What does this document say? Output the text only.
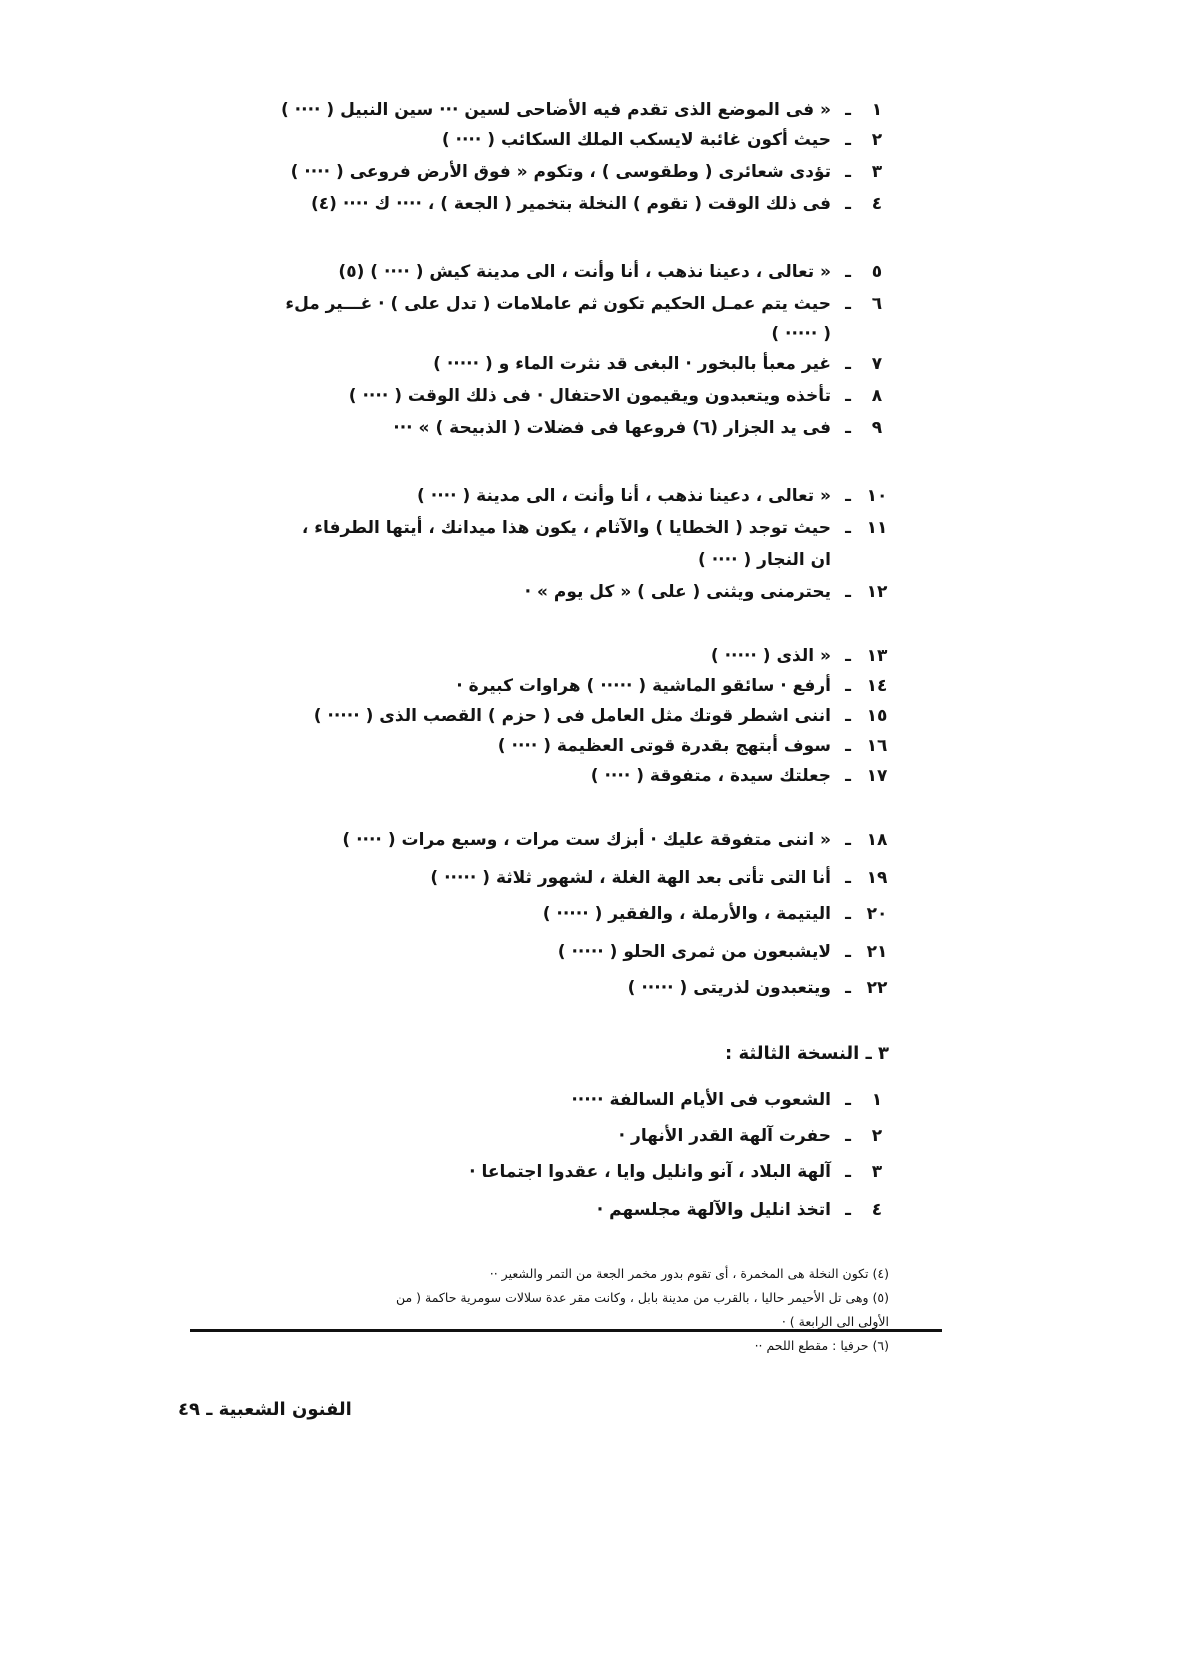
١ـ« فى الموضع الذى تقدم فيه الأضاحى لسين ··· سين النبيل ( ···· )
٢ـحيث أكون غائبة لايسكب الملك السكائب ( ···· )
٣ـتؤدى شعائرى ( وطقوسى ) ، وتكوم « فوق الأرض فروعى ( ···· )
٤ـفى ذلك الوقت ( تقوم ) النخلة بتخمير ( الجعة ) ، ···· ك ···· (٤)
٥ـ« تعالى ، دعينا نذهب ، أنا وأنت ، الى مدينة كيش ( ···· ) (٥)
٦ـحيث يتم عمـل الحكيم تكون ثم عاملامات ( تدل على ) · غـــير ملء
( ····· )
٧ـغير معبأ بالبخور · البغى قد نثرت الماء و ( ····· )
٨ـتأخذه ويتعبدون ويقيمون الاحتفال · فى ذلك الوقت ( ···· )
٩ـفى يد الجزار (٦) فروعها فى فضلات ( الذبيحة ) » ···
١٠ـ« تعالى ، دعينا نذهب ، أنا وأنت ، الى مدينة ( ···· )
١١ـحيث توجد ( الخطايا ) والآثام ، يكون هذا ميدانك ، أيتها الطرفاء ،
ان النجار ( ···· )
١٢ـيحترمنى ويثنى ( على ) « كل يوم » ·
١٣ـ« الذى ( ····· )
١٤ـأرفع · سائقو الماشية ( ····· ) هراوات كبيرة ·
١٥ـاننى اشطر قوتك مثل العامل فى ( حزم ) القصب الذى ( ····· )
١٦ـسوف أبتهج بقدرة قوتى العظيمة ( ···· )
١٧ـجعلتك سيدة ، متفوقة ( ···· )
١٨ـ« اننى متفوقة عليك · أبزك ست مرات ، وسبع مرات ( ···· )
١٩ـأنا التى تأتى بعد الهة الغلة ، لشهور ثلاثة ( ····· )
٢٠ـاليتيمة ، والأرملة ، والفقير ( ····· )
٢١ـلايشبعون من ثمرى الحلو ( ····· )
٢٢ـويتعبدون لذريتى ( ····· )
٣ ـ النسخة الثالثة :
١ـالشعوب فى الأيام السالفة ·····
٢ـحفرت آلهة القدر الأنهار ·
٣ـآلهة البلاد ، آنو وانليل وايا ، عقدوا اجتماعا ·
٤ـاتخذ انليل والآلهة مجلسهم ·
(٤) تكون النخلة هى المخمرة ، أى تقوم بدور مخمر الجعة من التمر والشعير ··
(٥) وهى تل الأحيمر حاليا ، بالقرب من مدينة بابل ، وكانت مقر عدة سلالات سومرية حاكمة ( من
الأولى الى الرابعة ) ·
(٦) حرفيا : مقطع اللحم ··
الفنون الشعبية ـ ٤٩
